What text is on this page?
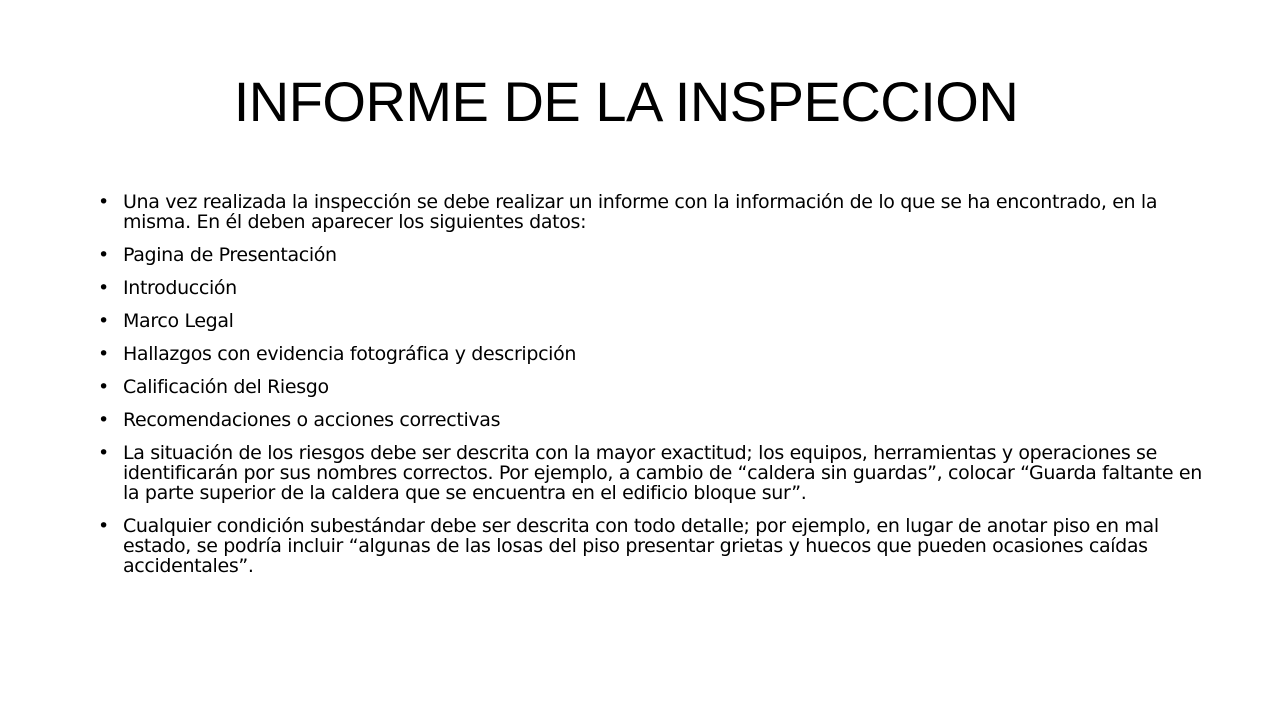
INFORME DE LA INSPECCION
• Una vez realizada la inspección se debe realizar un informe con la información de lo que se ha encontrado, en la misma. En él deben aparecer los siguientes datos:
• Pagina de Presentación
• Introducción
• Marco Legal
• Hallazgos con evidencia fotográfica y descripción
• Calificación del Riesgo
• Recomendaciones o acciones correctivas
• La situación de los riesgos debe ser descrita con la mayor exactitud; los equipos, herramientas y operaciones se identificarán por sus nombres correctos. Por ejemplo, a cambio de “caldera sin guardas”, colocar “Guarda faltante en la parte superior de la caldera que se encuentra en el edificio bloque sur”.
• Cualquier condición subestándar debe ser descrita con todo detalle; por ejemplo, en lugar de anotar piso en mal estado, se podría incluir “algunas de las losas del piso presentar grietas y huecos que pueden ocasiones caídas accidentales”.
